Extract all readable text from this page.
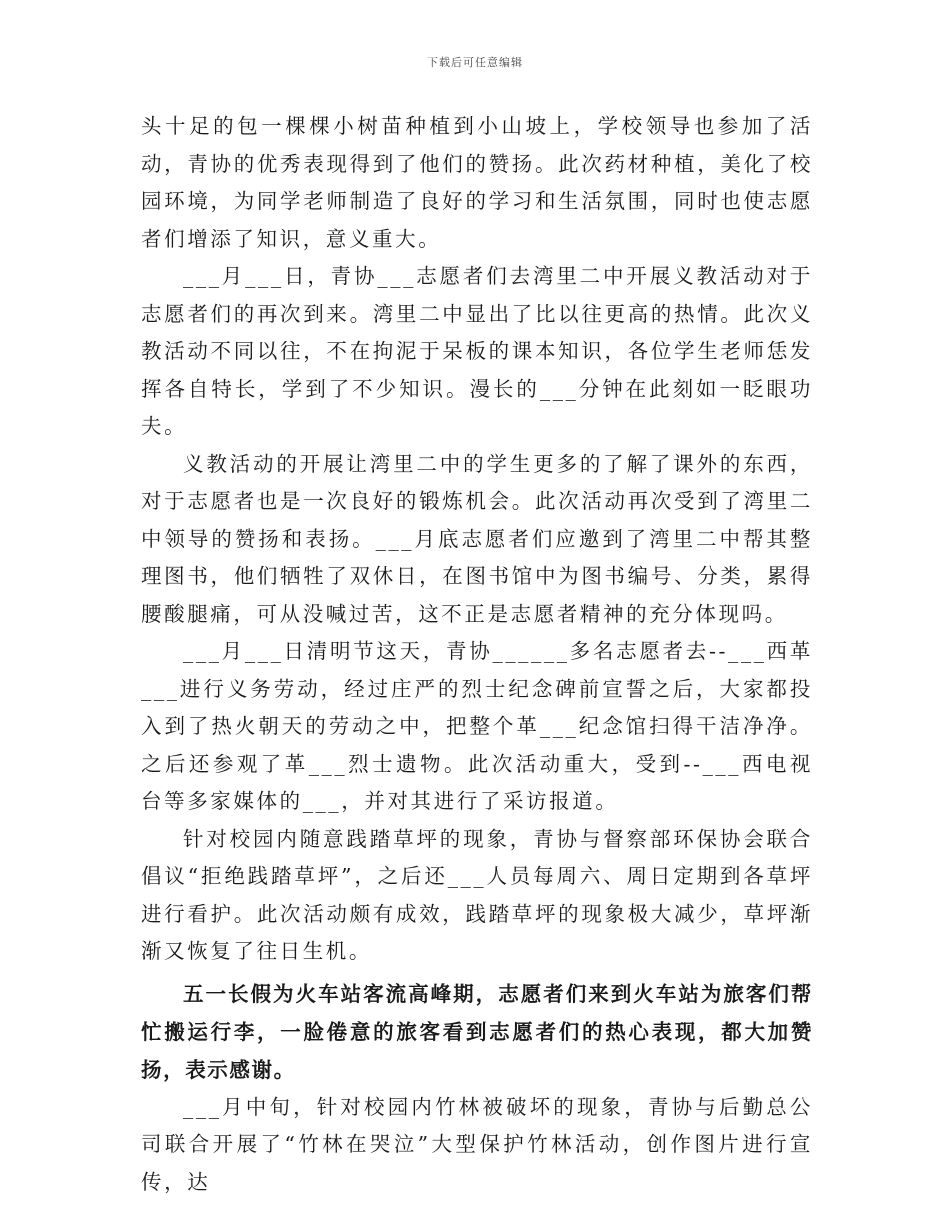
下载后可任意编辑

头十足的包一棵棵小树苗种植到小山坡上，学校领导也参加了活动，青协的优秀表现得到了他们的赞扬。此次药材种植，美化了校园环境，为同学老师制造了良好的学习和生活氛围，同时也使志愿者们增添了知识，意义重大。

___月___日，青协___志愿者们去湾里二中开展义教活动对于志愿者们的再次到来。湾里二中显出了比以往更高的热情。此次义教活动不同以往，不在拘泥于呆板的课本知识，各位学生老师恁发挥各自特长，学到了不少知识。漫长的___分钟在此刻如一眨眼功夫。

义教活动的开展让湾里二中的学生更多的了解了课外的东西，对于志愿者也是一次良好的锻炼机会。此次活动再次受到了湾里二中领导的赞扬和表扬。___月底志愿者们应邀到了湾里二中帮其整理图书，他们牺牲了双休日，在图书馆中为图书编号、分类，累得腰酸腿痛，可从没喊过苦，这不正是志愿者精神的充分体现吗。

___月___日清明节这天，青协______多名志愿者去--___西革___进行义务劳动，经过庄严的烈士纪念碑前宣誓之后，大家都投入到了热火朝天的劳动之中，把整个革___纪念馆扫得干洁净净。之后还参观了革___烈士遗物。此次活动重大，受到--___西电视台等多家媒体的___，并对其进行了采访报道。

针对校园内随意践踏草坪的现象，青协与督察部环保协会联合倡议“拒绝践踏草坪”，之后还___人员每周六、周日定期到各草坪进行看护。此次活动颇有成效，践踏草坪的现象极大减少，草坪渐渐又恢复了往日生机。

五一长假为火车站客流高峰期，志愿者们来到火车站为旅客们帮忙搬运行李，一脸倦意的旅客看到志愿者们的热心表现，都大加赞扬，表示感谢。

___月中旬，针对校园内竹林被破坏的现象，青协与后勤总公司联合开展了“竹林在哭泣”大型保护竹林活动，创作图片进行宣传，达
